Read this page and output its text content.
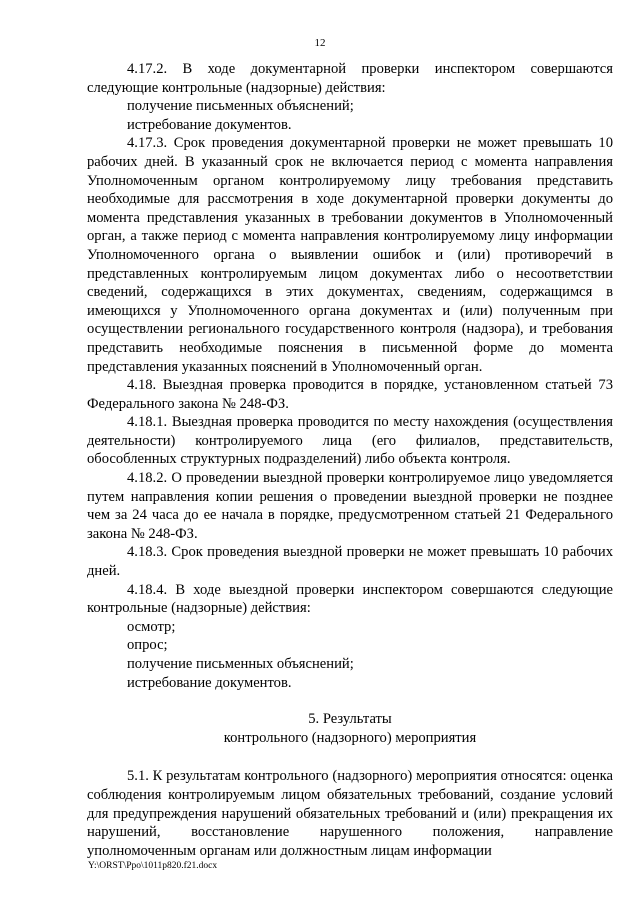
12

4.17.2. В ходе документарной проверки инспектором совершаются следующие контрольные (надзорные) действия:

получение письменных объяснений;

истребование документов.

4.17.3. Срок проведения документарной проверки не может превышать 10 рабочих дней. В указанный срок не включается период с момента направления Уполномоченным органом контролируемому лицу требования представить необходимые для рассмотрения в ходе документарной проверки документы до момента представления указанных в требовании документов в Уполномоченный орган, а также период с момента направления контролируемому лицу информации Уполномоченного органа о выявлении ошибок и (или) противоречий в представленных контролируемым лицом документах либо о несоответствии сведений, содержащихся в этих документах, сведениям, содержащимся в имеющихся у Уполномоченного органа документах и (или) полученным при осуществлении регионального государственного контроля (надзора), и требования представить необходимые пояснения в письменной форме до момента представления указанных пояснений в Уполномоченный орган.

4.18. Выездная проверка проводится в порядке, установленном статьей 73 Федерального закона № 248-ФЗ.

4.18.1. Выездная проверка проводится по месту нахождения (осуществления деятельности) контролируемого лица (его филиалов, представительств, обособленных структурных подразделений) либо объекта контроля.

4.18.2. О проведении выездной проверки контролируемое лицо уведомляется путем направления копии решения о проведении выездной проверки не позднее чем за 24 часа до ее начала в порядке, предусмотренном статьей 21 Федерального закона № 248-ФЗ.

4.18.3. Срок проведения выездной проверки не может превышать 10 рабочих дней.

4.18.4. В ходе выездной проверки инспектором совершаются следующие контрольные (надзорные) действия:

осмотр;

опрос;

получение письменных объяснений;

истребование документов.

5. Результаты

контрольного (надзорного) мероприятия

5.1. К результатам контрольного (надзорного) мероприятия относятся: оценка соблюдения контролируемым лицом обязательных требований, создание условий для предупреждения нарушений обязательных требований и (или) прекращения их нарушений, восстановление нарушенного положения, направление уполномоченным органам или должностным лицам информации

Y:\ORST\Ppo\1011p820.f21.docx
